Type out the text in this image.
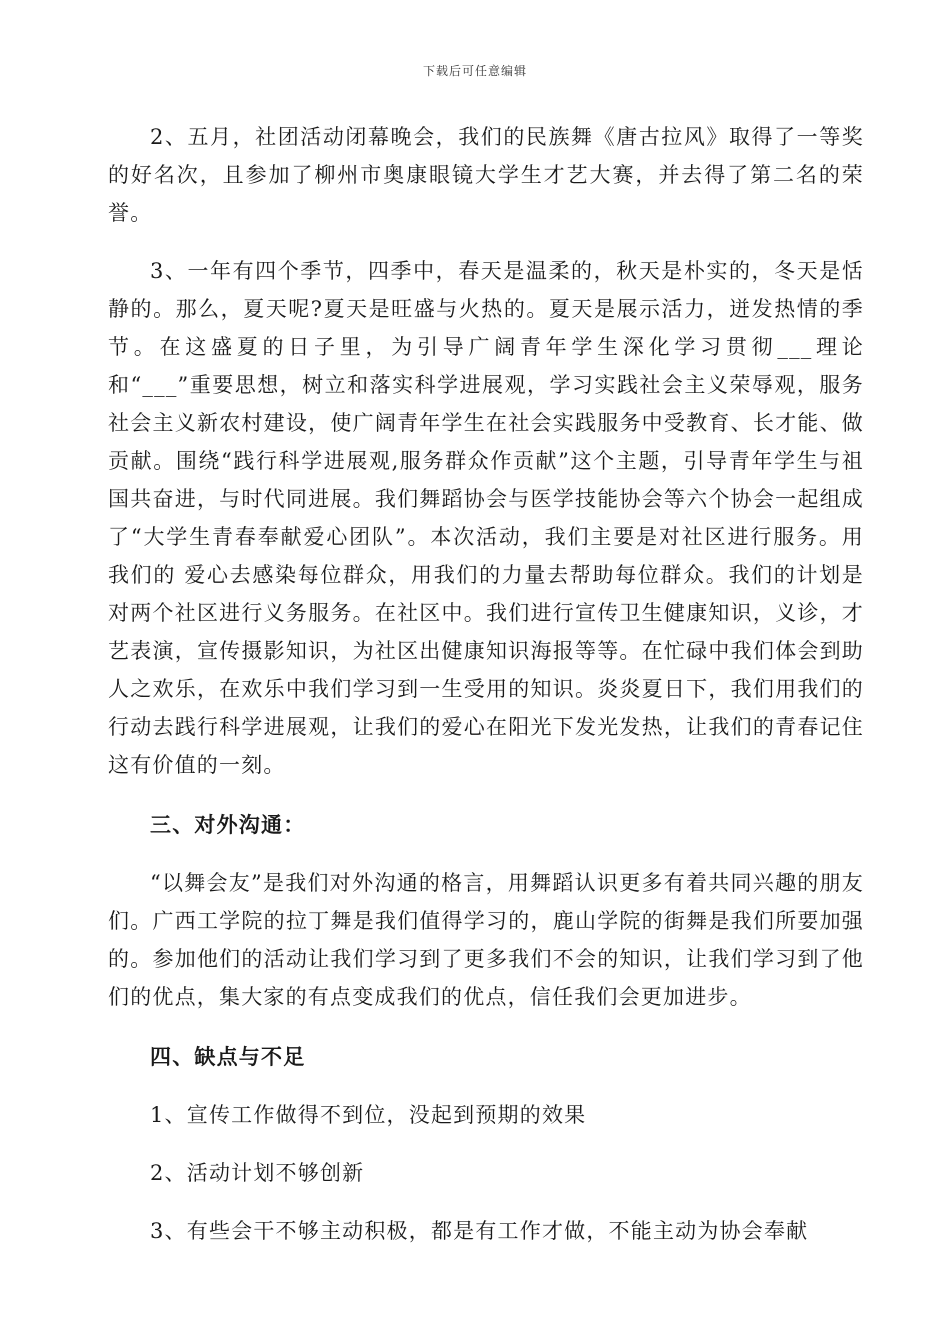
下载后可任意编辑

2、五月，社团活动闭幕晚会，我们的民族舞《唐古拉风》取得了一等奖的好名次，且参加了柳州市奥康眼镜大学生才艺大赛，并去得了第二名的荣誉。

3、一年有四个季节，四季中，春天是温柔的，秋天是朴实的，冬天是恬静的。那么，夏天呢?夏天是旺盛与火热的。夏天是展示活力，迸发热情的季节。在这盛夏的日子里，为引导广阔青年学生深化学习贯彻___理论和“___”重要思想，树立和落实科学进展观，学习实践社会主义荣辱观，服务社会主义新农村建设，使广阔青年学生在社会实践服务中受教育、长才能、做贡献。围绕“践行科学进展观,服务群众作贡献”这个主题，引导青年学生与祖国共奋进，与时代同进展。我们舞蹈协会与医学技能协会等六个协会一起组成了“大学生青春奉献爱心团队”。本次活动，我们主要是对社区进行服务。用我们的 爱心去感染每位群众，用我们的力量去帮助每位群众。我们的计划是对两个社区进行义务服务。在社区中。我们进行宣传卫生健康知识，义诊，才艺表演，宣传摄影知识，为社区出健康知识海报等等。在忙碌中我们体会到助人之欢乐，在欢乐中我们学习到一生受用的知识。炎炎夏日下，我们用我们的行动去践行科学进展观，让我们的爱心在阳光下发光发热，让我们的青春记住这有价值的一刻。

三、对外沟通：

“以舞会友”是我们对外沟通的格言，用舞蹈认识更多有着共同兴趣的朋友们。广西工学院的拉丁舞是我们值得学习的，鹿山学院的街舞是我们所要加强的。参加他们的活动让我们学习到了更多我们不会的知识，让我们学习到了他们的优点，集大家的有点变成我们的优点，信任我们会更加进步。

四、缺点与不足

1、宣传工作做得不到位，没起到预期的效果

2、活动计划不够创新

3、有些会干不够主动积极，都是有工作才做，不能主动为协会奉献
